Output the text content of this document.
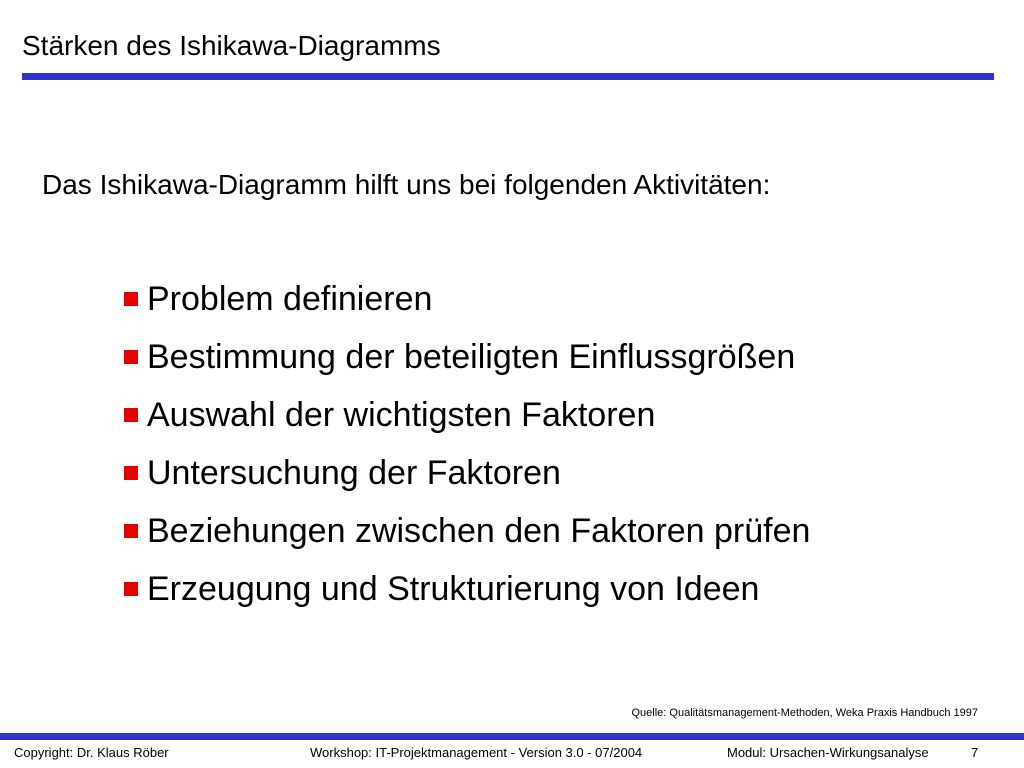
Stärken des Ishikawa-Diagramms
Das Ishikawa-Diagramm hilft uns bei folgenden Aktivitäten:
Problem definieren
Bestimmung der beteiligten Einflussgrößen
Auswahl der wichtigsten Faktoren
Untersuchung der Faktoren
Beziehungen zwischen den Faktoren prüfen
Erzeugung und Strukturierung von Ideen
Quelle: Qualitätsmanagement-Methoden, Weka Praxis Handbuch 1997
Copyright: Dr. Klaus Röber	Workshop: IT-Projektmanagement - Version 3.0 - 07/2004	Modul: Ursachen-Wirkungsanalyse	7
